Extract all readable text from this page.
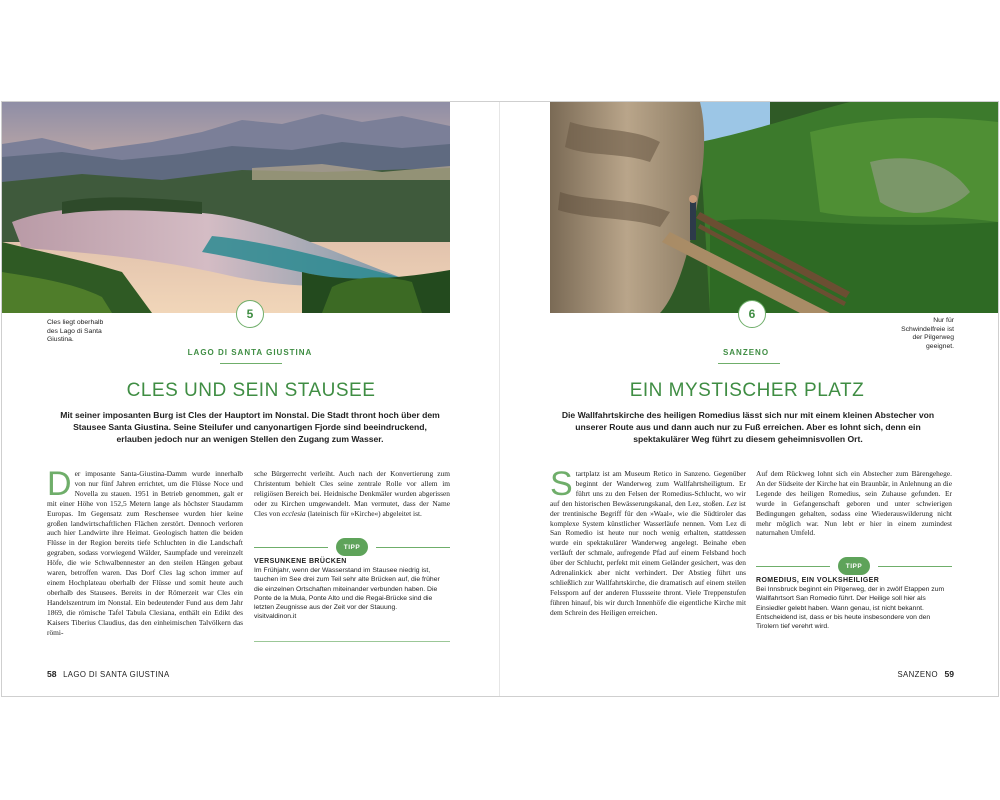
Cles liegt oberhalb des Lago di Santa Giustina.
5
LAGO DI SANTA GIUSTINA
CLES UND SEIN STAUSEE
Mit seiner imposanten Burg ist Cles der Hauptort im Nonstal. Die Stadt thront hoch über dem Stausee Santa Giustina. Seine Steilufer und canyonartigen Fjorde sind beeindruckend, erlauben jedoch nur an wenigen Stellen den Zugang zum Wasser.
D er imposante Santa-Giustina-Damm wurde innerhalb von nur fünf Jahren errichtet, um die Flüsse Noce und Novella zu stauen. 1951 in Betrieb genommen, galt er mit einer Höhe von 152,5 Metern lange als höchster Staudamm Europas. Im Gegensatz zum Reschensee wurden hier keine großen landwirtschaftlichen Flächen zerstört. Dennoch verloren auch hier Landwirte ihre Heimat. Geologisch hatten die beiden Flüsse in der Region bereits tiefe Schluchten in die Landschaft gegraben, sodass vorwiegend Wälder, Saumpfade und vereinzelt Höfe, die wie Schwalbennester an den steilen Hängen gebaut waren, betroffen waren. Das Dorf Cles lag schon immer auf einem Hochplateau oberhalb der Flüsse und somit heute auch oberhalb des Stausees. Bereits in der Römerzeit war Cles ein Handelszentrum im Nonstal. Ein bedeutender Fund aus dem Jahr 1869, die römische Tafel Tabula Clesiana, enthält ein Edikt des Kaisers Tiberius Claudius, das den einheimischen Talvölkern das römi-
sche Bürgerrecht verleiht. Auch nach der Konvertierung zum Christentum behielt Cles seine zentrale Rolle vor allem im religiösen Bereich bei. Heidnische Denkmäler wurden abgerissen oder zu Kirchen umgewandelt. Man vermutet, dass der Name Cles von ecclesia (lateinisch für »Kirche«) abgeleitet ist.
TIPP
VERSUNKENE BRÜCKEN
Im Frühjahr, wenn der Wasserstand im Stausee niedrig ist, tauchen im See drei zum Teil sehr alte Brücken auf, die früher die einzelnen Ortschaften miteinander verbunden haben. Die Ponte de la Mula, Ponte Alto und die Regai-Brücke sind die letzten Zeugnisse aus der Zeit vor der Stauung.
visitvaldinon.it
58 LAGO DI SANTA GIUSTINA
Nur für Schwindelfreie ist der Pilgerweg geeignet.
6
SANZENO
EIN MYSTISCHER PLATZ
Die Wallfahrtskirche des heiligen Romedius lässt sich nur mit einem kleinen Abstecher von unserer Route aus und dann auch nur zu Fuß erreichen. Aber es lohnt sich, denn ein spektakulärer Weg führt zu diesem geheimnisvollen Ort.
S tartplatz ist am Museum Retico in Sanzeno. Gegenüber beginnt der Wanderweg zum Wallfahrtsheiligtum. Er führt uns zu den Felsen der Romedius-Schlucht, wo wir auf den historischen Bewässerungskanal, den Lez, stoßen. Lez ist der trentinische Begriff für den »Waal«, wie die Südtiroler das komplexe System künstlicher Wasserläufe nennen. Vom Lez di San Romedio ist heute nur noch wenig erhalten, stattdessen wurde ein spektakulärer Wanderweg angelegt. Beinahe eben verläuft der schmale, aufregende Pfad auf einem Felsband hoch über der Schlucht, perfekt mit einem Geländer gesichert, was den Adrenalinkick aber nicht verhindert. Der Abstieg führt uns schließlich zur Wallfahrtskirche, die dramatisch auf einem steilen Felssporn auf der anderen Flussseite thront. Viele Treppenstufen führen hinauf, bis wir durch Innenhöfe die eigentliche Kirche mit dem Schrein des Heiligen erreichen.
Auf dem Rückweg lohnt sich ein Abstecher zum Bärengehege. An der Südseite der Kirche hat ein Braunbär, in Anlehnung an die Legende des heiligen Romedius, sein Zuhause gefunden. Er wurde in Gefangenschaft geboren und unter schwierigen Bedingungen gehalten, sodass eine Wiederauswilderung nicht mehr möglich war. Nun lebt er hier in einem zumindest naturnahen Umfeld.
TIPP
ROMEDIUS, EIN VOLKSHEILIGER
Bei Innsbruck beginnt ein Pilgerweg, der in zwölf Etappen zum Wallfahrtsort San Romedio führt. Der Heilige soll hier als Einsiedler gelebt haben. Wann genau, ist nicht bekannt. Entscheidend ist, dass er bis heute insbesondere von den Tirolern tief verehrt wird.
SANZENO 59
